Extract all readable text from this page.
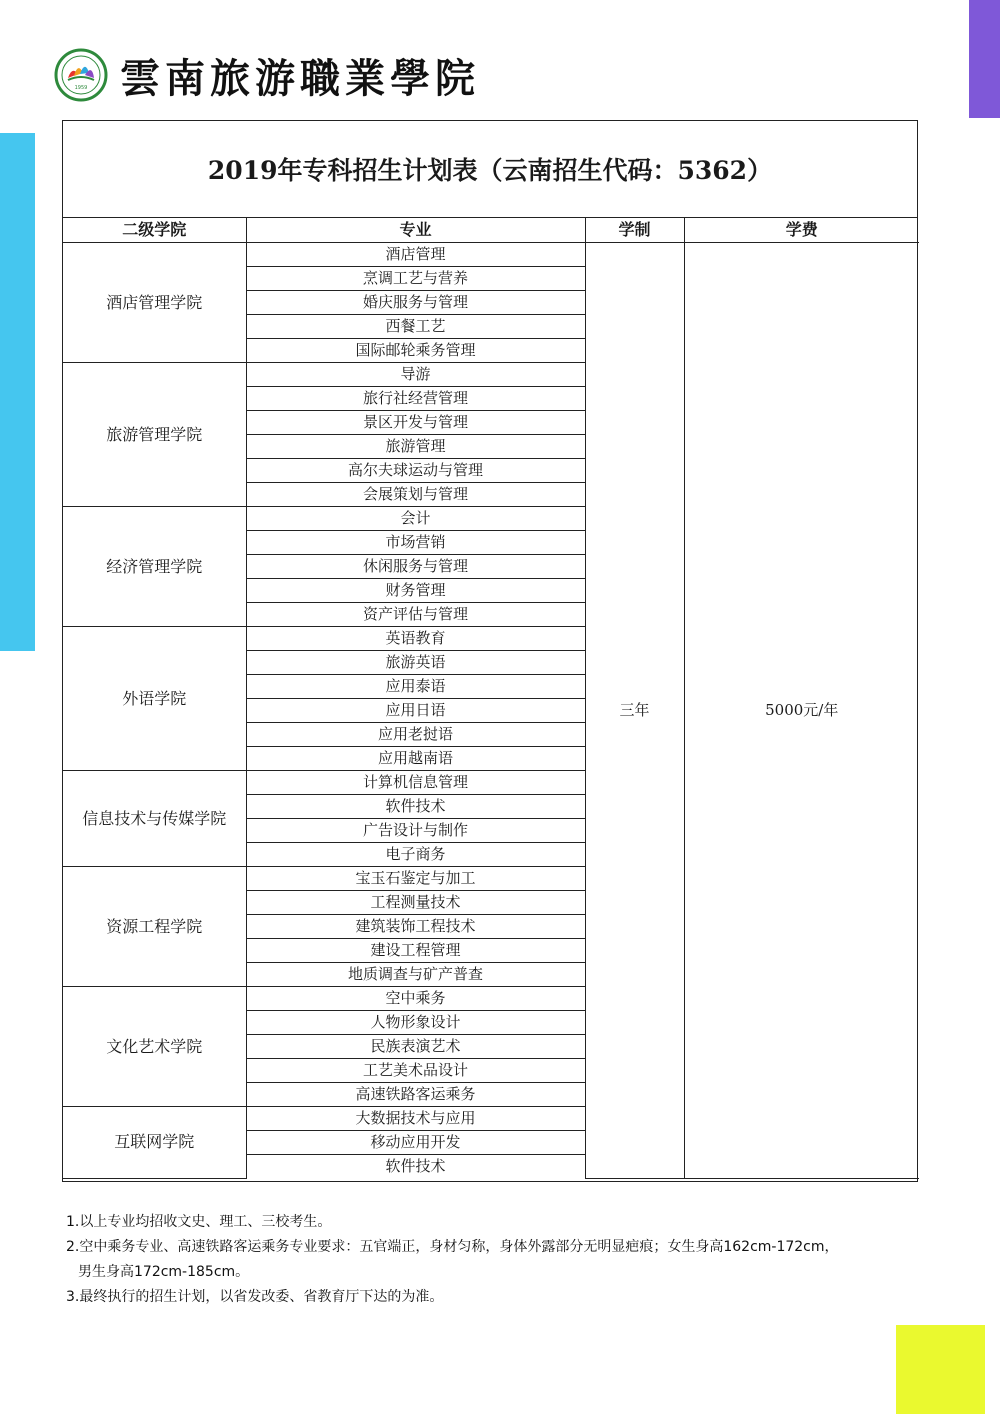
1959 雲南旅游職業學院
2019年专科招生计划表（云南招生代码：5362）
二级学院	专业	学制	学费
酒店管理学院	酒店管理	三年	5000元/年
	烹调工艺与营养		
	婚庆服务与管理		
	西餐工艺		
	国际邮轮乘务管理		
旅游管理学院	导游		
	旅行社经营管理		
	景区开发与管理		
	旅游管理		
	高尔夫球运动与管理		
	会展策划与管理		
经济管理学院	会计		
	市场营销		
	休闲服务与管理		
	财务管理		
	资产评估与管理		
外语学院	英语教育		
	旅游英语		
	应用泰语		
	应用日语		
	应用老挝语		
	应用越南语		
信息技术与传媒学院	计算机信息管理		
	软件技术		
	广告设计与制作		
	电子商务		
资源工程学院	宝玉石鉴定与加工		
	工程测量技术		
	建筑装饰工程技术		
	建设工程管理		
	地质调查与矿产普查		
文化艺术学院	空中乘务		
	人物形象设计		
	民族表演艺术		
	工艺美术品设计		
	高速铁路客运乘务		
互联网学院	大数据技术与应用		
	移动应用开发		
	软件技术		

1.以上专业均招收文史、理工、三校考生。

2.空中乘务专业、高速铁路客运乘务专业要求：五官端正，身材匀称，身体外露部分无明显疤痕；女生身高162cm-172cm，
男生身高172cm-185cm。

3.最终执行的招生计划，以省发改委、省教育厅下达的为准。
